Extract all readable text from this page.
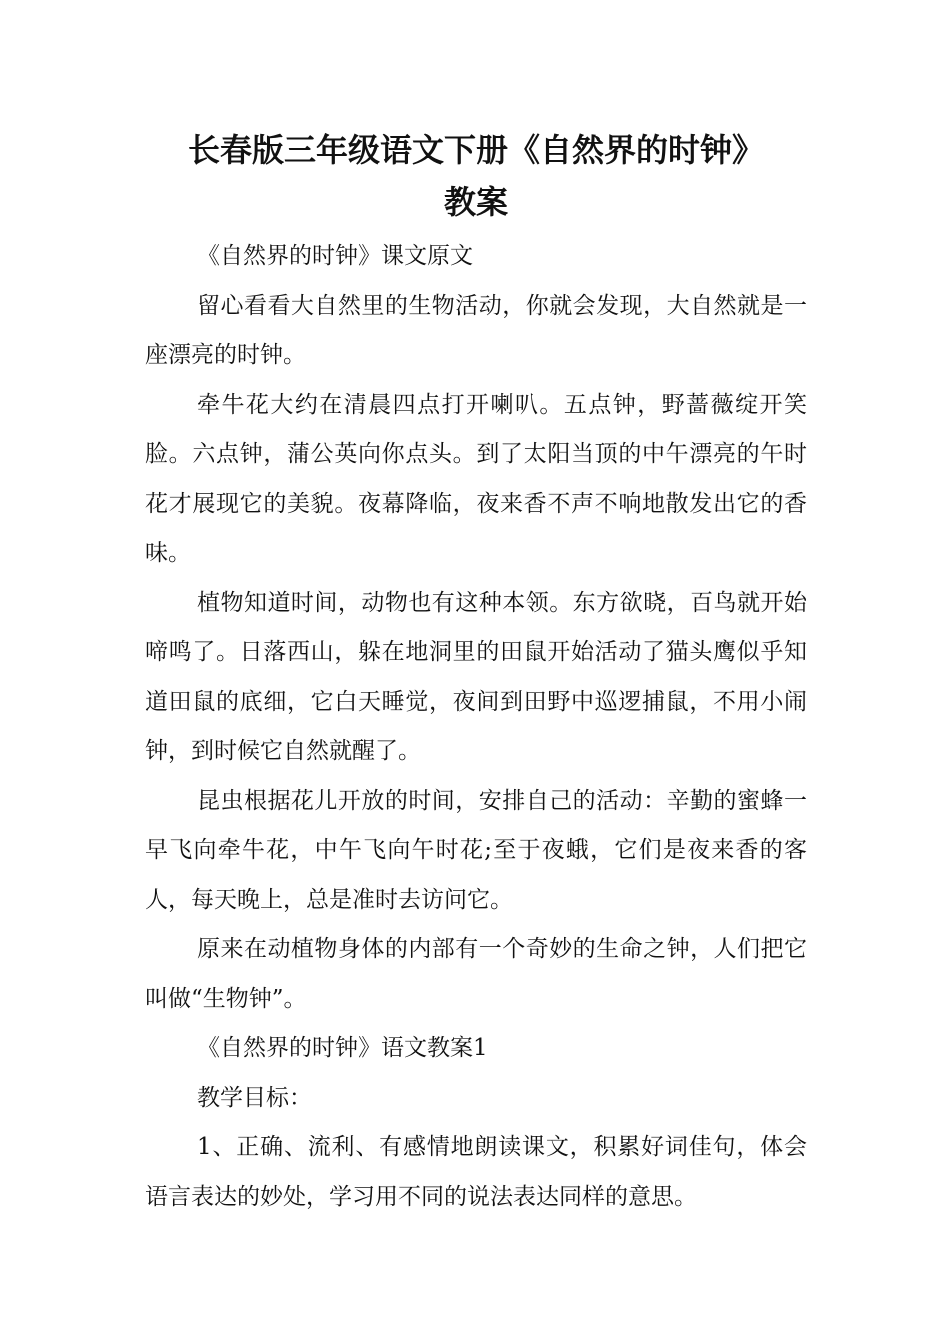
长春版三年级语文下册《自然界的时钟》
教案

《自然界的时钟》课文原文

留心看看大自然里的生物活动，你就会发现，大自然就是一座漂亮的时钟。

牵牛花大约在清晨四点打开喇叭。五点钟，野蔷薇绽开笑脸。六点钟，蒲公英向你点头。到了太阳当顶的中午漂亮的午时花才展现它的美貌。夜幕降临，夜来香不声不响地散发出它的香味。

植物知道时间，动物也有这种本领。东方欲晓，百鸟就开始啼鸣了。日落西山，躲在地洞里的田鼠开始活动了猫头鹰似乎知道田鼠的底细，它白天睡觉，夜间到田野中巡逻捕鼠，不用小闹钟，到时候它自然就醒了。

昆虫根据花儿开放的时间，安排自己的活动：辛勤的蜜蜂一早飞向牵牛花，中午飞向午时花;至于夜蛾，它们是夜来香的客人，每天晚上，总是准时去访问它。

原来在动植物身体的内部有一个奇妙的生命之钟，人们把它叫做“生物钟”。

《自然界的时钟》语文教案1

教学目标：

1、正确、流利、有感情地朗读课文，积累好词佳句，体会语言表达的妙处，学习用不同的说法表达同样的意思。
